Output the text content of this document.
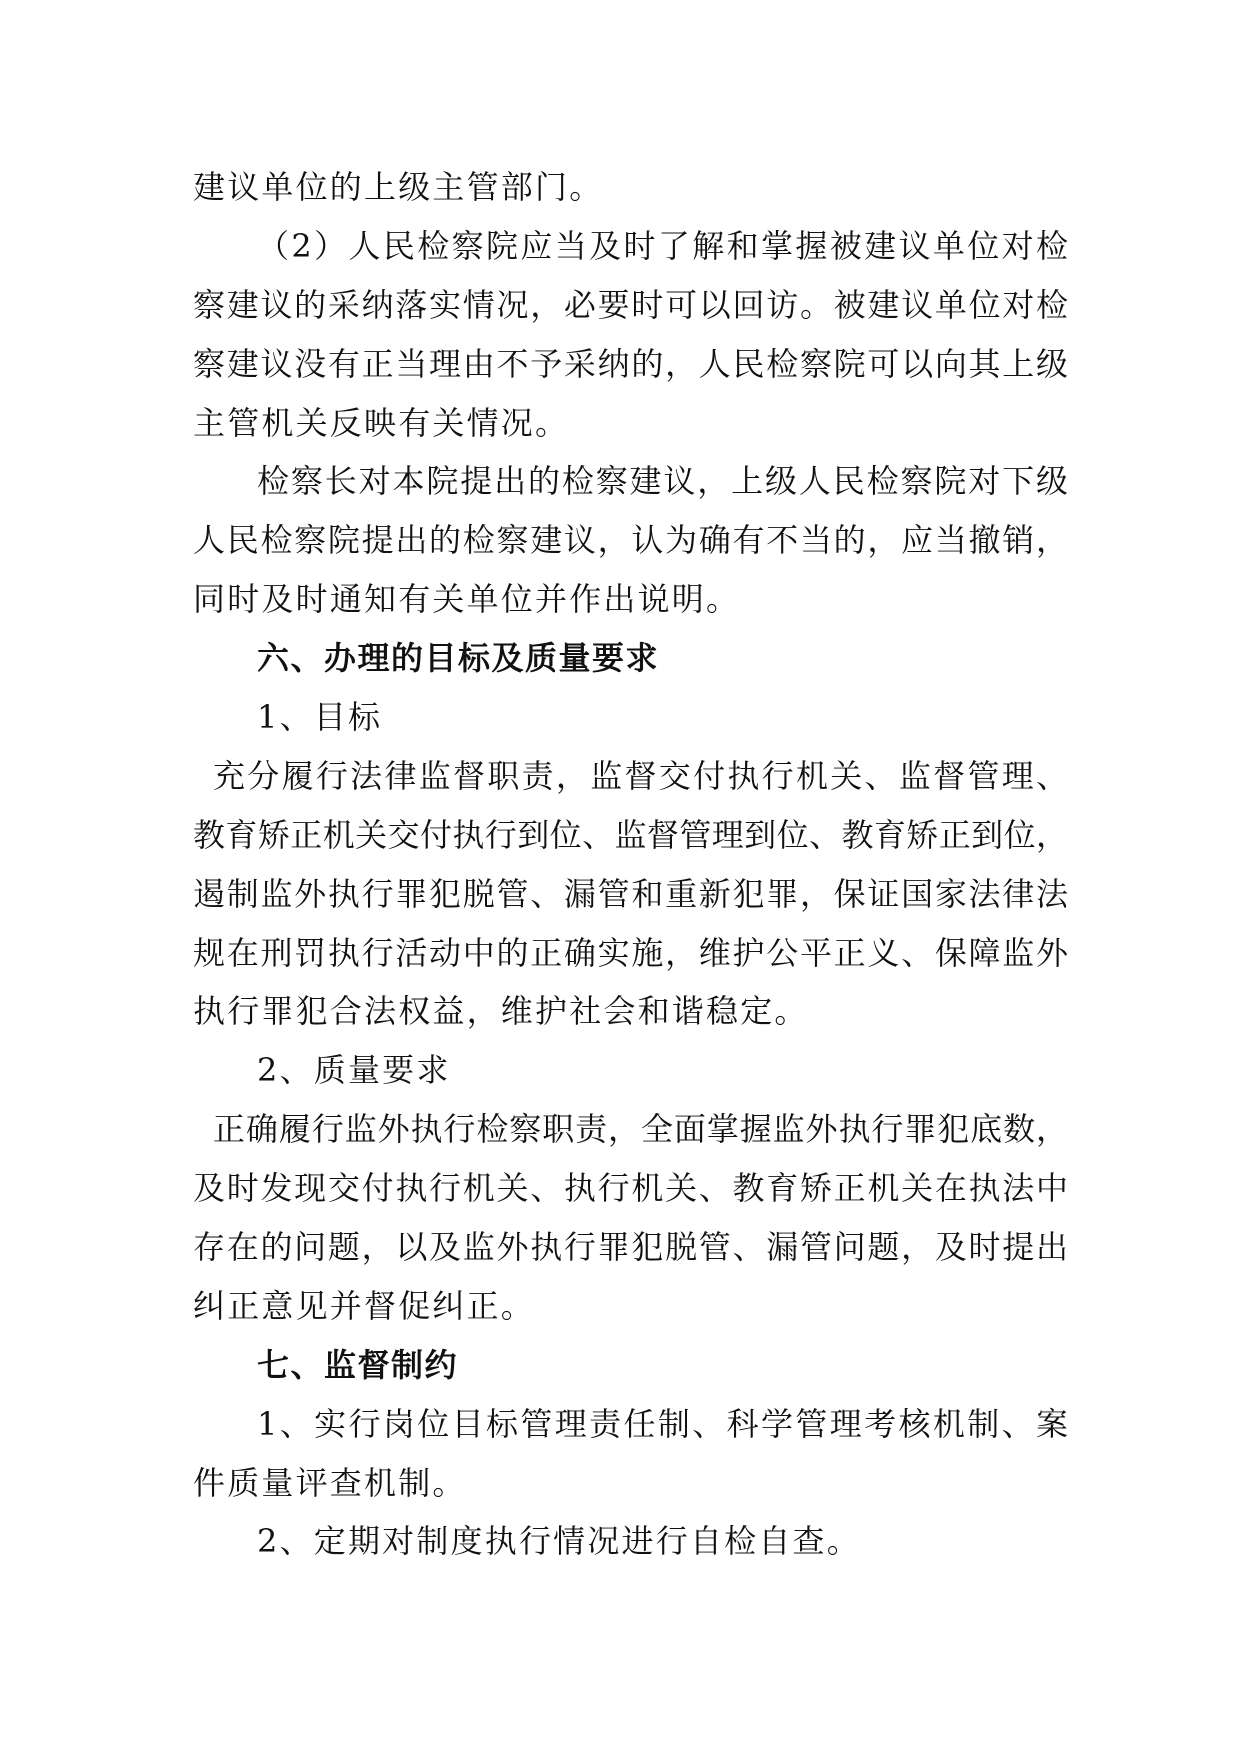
建议单位的上级主管部门。
（2）人民检察院应当及时了解和掌握被建议单位对检
察建议的采纳落实情况，必要时可以回访。被建议单位对检
察建议没有正当理由不予采纳的，人民检察院可以向其上级
主管机关反映有关情况。
检察长对本院提出的检察建议，上级人民检察院对下级
人民检察院提出的检察建议，认为确有不当的，应当撤销，
同时及时通知有关单位并作出说明。
六、办理的目标及质量要求
1、目标
充分履行法律监督职责，监督交付执行机关、监督管理、
教育矫正机关交付执行到位、监督管理到位、教育矫正到位，
遏制监外执行罪犯脱管、漏管和重新犯罪，保证国家法律法
规在刑罚执行活动中的正确实施，维护公平正义、保障监外
执行罪犯合法权益，维护社会和谐稳定。
2、质量要求
正确履行监外执行检察职责，全面掌握监外执行罪犯底数，
及时发现交付执行机关、执行机关、教育矫正机关在执法中
存在的问题，以及监外执行罪犯脱管、漏管问题，及时提出
纠正意见并督促纠正。
七、监督制约
1、实行岗位目标管理责任制、科学管理考核机制、案
件质量评查机制。
2、定期对制度执行情况进行自检自查。
